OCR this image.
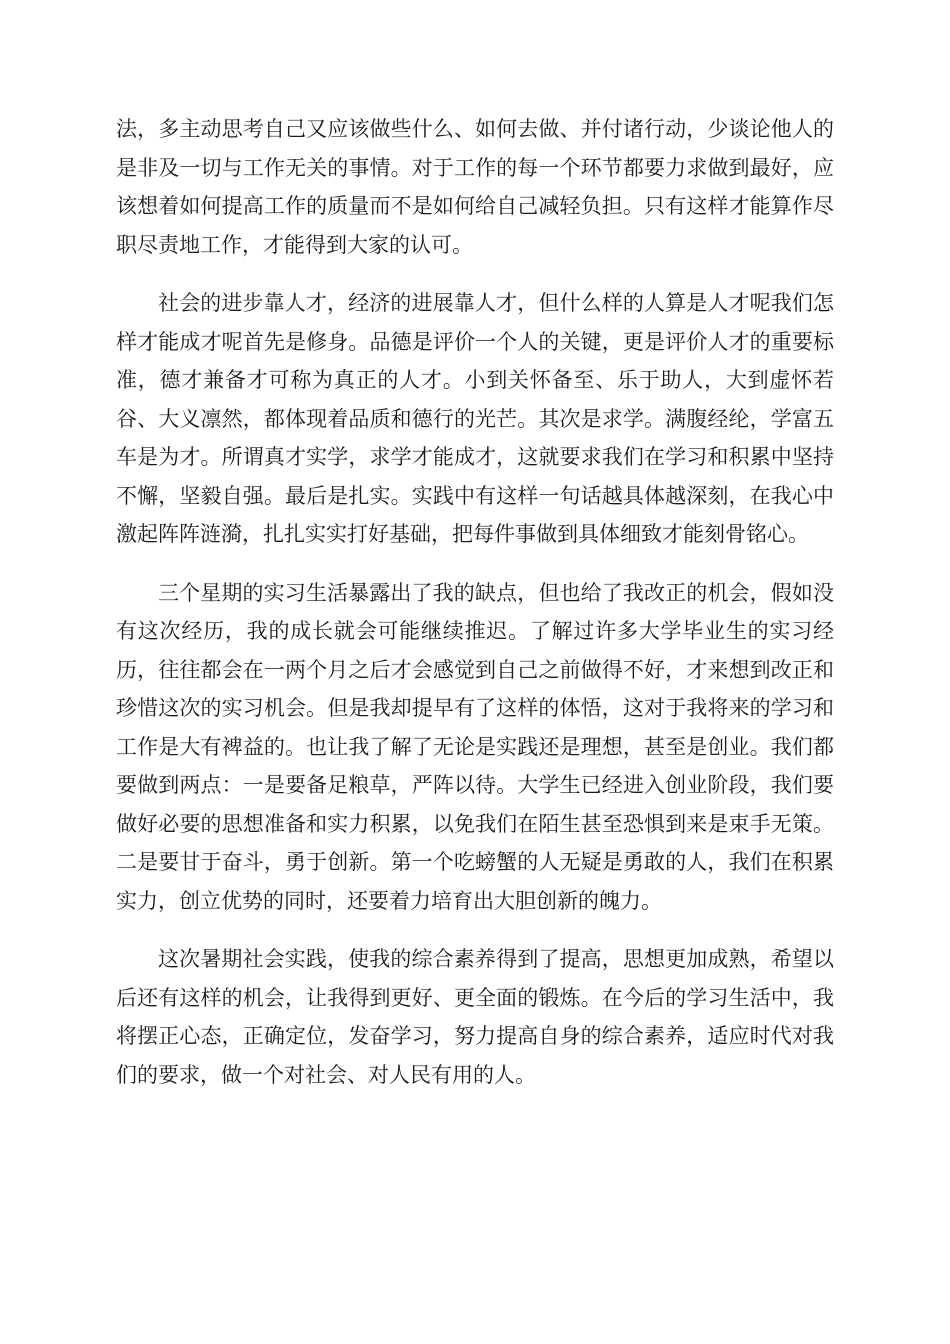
法，多主动思考自己又应该做些什么、如何去做、并付诸行动，少谈论他人的是非及一切与工作无关的事情。对于工作的每一个环节都要力求做到最好，应该想着如何提高工作的质量而不是如何给自己减轻负担。只有这样才能算作尽职尽责地工作，才能得到大家的认可。

社会的进步靠人才，经济的进展靠人才，但什么样的人算是人才呢我们怎样才能成才呢首先是修身。品德是评价一个人的关键，更是评价人才的重要标准，德才兼备才可称为真正的人才。小到关怀备至、乐于助人，大到虚怀若谷、大义凛然，都体现着品质和德行的光芒。其次是求学。满腹经纶，学富五车是为才。所谓真才实学，求学才能成才，这就要求我们在学习和积累中坚持不懈，坚毅自强。最后是扎实。实践中有这样一句话越具体越深刻，在我心中激起阵阵涟漪，扎扎实实打好基础，把每件事做到具体细致才能刻骨铭心。

三个星期的实习生活暴露出了我的缺点，但也给了我改正的机会，假如没有这次经历，我的成长就会可能继续推迟。了解过许多大学毕业生的实习经历，往往都会在一两个月之后才会感觉到自己之前做得不好，才来想到改正和珍惜这次的实习机会。但是我却提早有了这样的体悟，这对于我将来的学习和工作是大有裨益的。也让我了解了无论是实践还是理想，甚至是创业。我们都要做到两点：一是要备足粮草，严阵以待。大学生已经进入创业阶段，我们要做好必要的思想准备和实力积累，以免我们在陌生甚至恐惧到来是束手无策。二是要甘于奋斗，勇于创新。第一个吃螃蟹的人无疑是勇敢的人，我们在积累实力，创立优势的同时，还要着力培育出大胆创新的魄力。

这次暑期社会实践，使我的综合素养得到了提高，思想更加成熟，希望以后还有这样的机会，让我得到更好、更全面的锻炼。在今后的学习生活中，我将摆正心态，正确定位，发奋学习，努力提高自身的综合素养，适应时代对我们的要求，做一个对社会、对人民有用的人。
